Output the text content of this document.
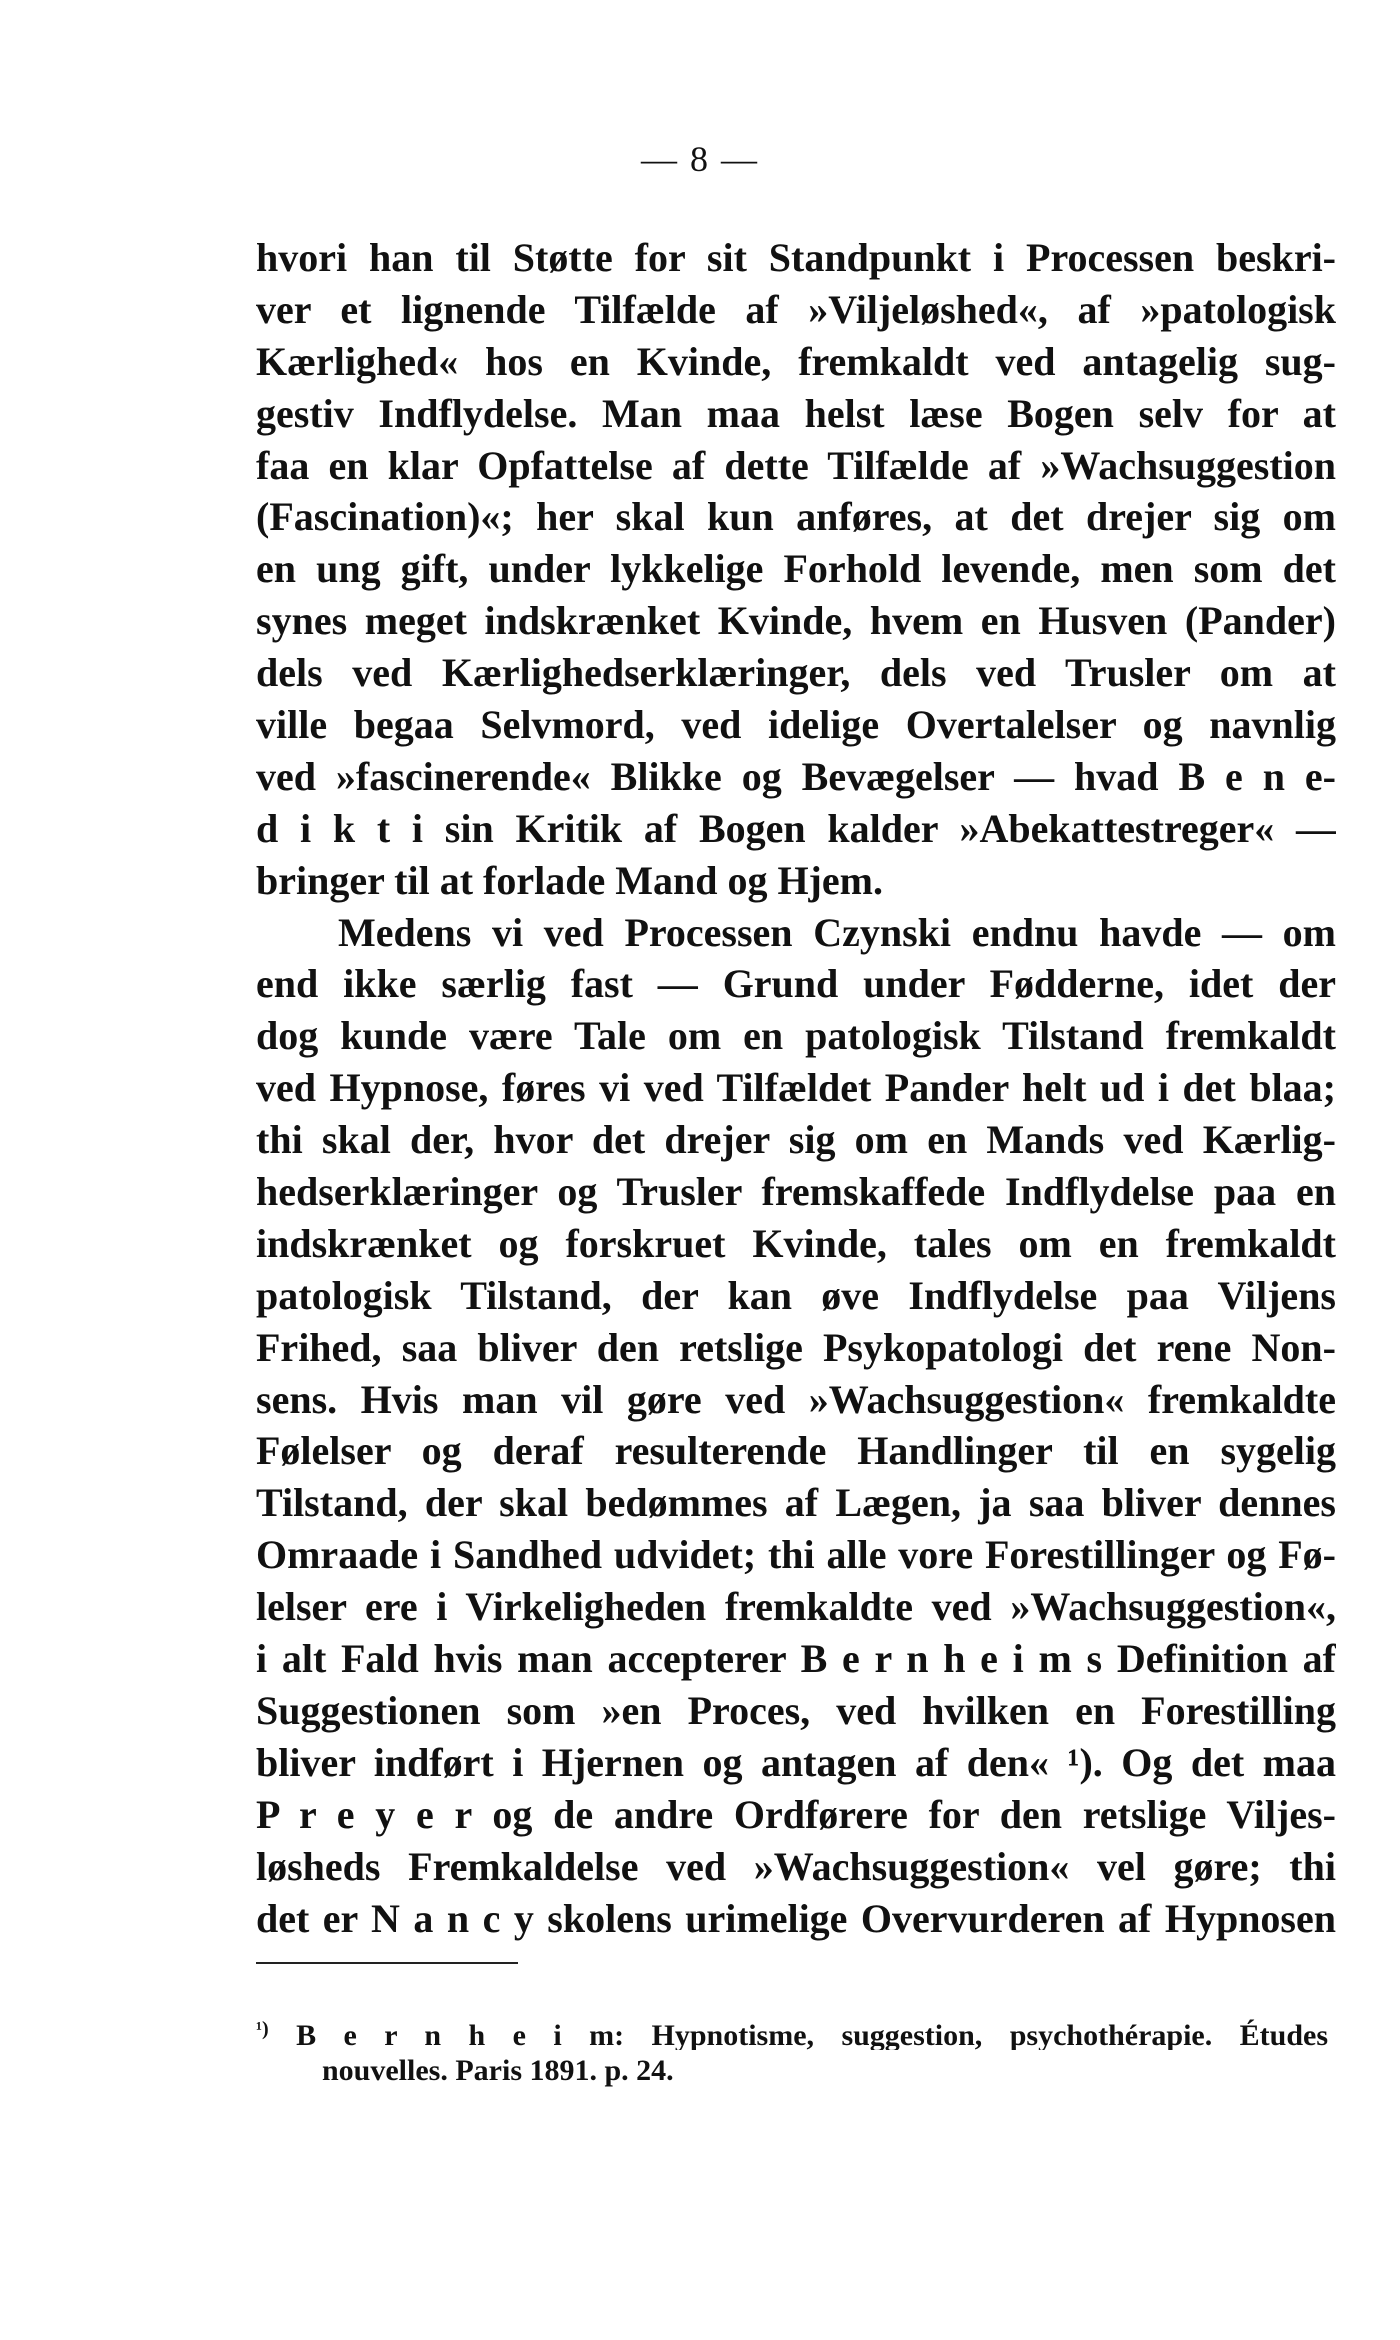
— 8 —
hvori han til Støtte for sit Standpunkt i Processen beskri-
ver et lignende Tilfælde af »Viljeløshed«, af »patologisk
Kærlighed« hos en Kvinde, fremkaldt ved antagelig sug-
gestiv Indflydelse. Man maa helst læse Bogen selv for at
faa en klar Opfattelse af dette Tilfælde af »Wachsuggestion
(Fascination)«; her skal kun anføres, at det drejer sig om
en ung gift, under lykkelige Forhold levende, men som det
synes meget indskrænket Kvinde, hvem en Husven (Pander)
dels ved Kærlighedserklæringer, dels ved Trusler om at
ville begaa Selvmord, ved idelige Overtalelser og navnlig
ved »fascinerende« Blikke og Bevægelser — hvad B e n e-
d i k t i sin Kritik af Bogen kalder »Abekattestreger« —
bringer til at forlade Mand og Hjem.
Medens vi ved Processen Czynski endnu havde — om
end ikke særlig fast — Grund under Fødderne, idet der
dog kunde være Tale om en patologisk Tilstand fremkaldt
ved Hypnose, føres vi ved Tilfældet Pander helt ud i det blaa;
thi skal der, hvor det drejer sig om en Mands ved Kærlig-
hedserklæringer og Trusler fremskaffede Indflydelse paa en
indskrænket og forskruet Kvinde, tales om en fremkaldt
patologisk Tilstand, der kan øve Indflydelse paa Viljens
Frihed, saa bliver den retslige Psykopatologi det rene Non-
sens. Hvis man vil gøre ved »Wachsuggestion« fremkaldte
Følelser og deraf resulterende Handlinger til en sygelig
Tilstand, der skal bedømmes af Lægen, ja saa bliver dennes
Omraade i Sandhed udvidet; thi alle vore Forestillinger og Fø-
lelser ere i Virkeligheden fremkaldte ved »Wachsuggestion«,
i alt Fald hvis man accepterer B e r n h e i m s Definition af
Suggestionen som »en Proces, ved hvilken en Forestilling
bliver indført i Hjernen og antagen af den« ¹). Og det maa
P r e y e r og de andre Ordførere for den retslige Viljes-
løsheds Fremkaldelse ved »Wachsuggestion« vel gøre; thi
det er N a n c y skolens urimelige Overvurderen af Hypnosen
$^{^1)}$ B e r n h e i m: Hypnotisme, suggestion, psychothérapie. Études
nouvelles. Paris 1891. p. 24.
